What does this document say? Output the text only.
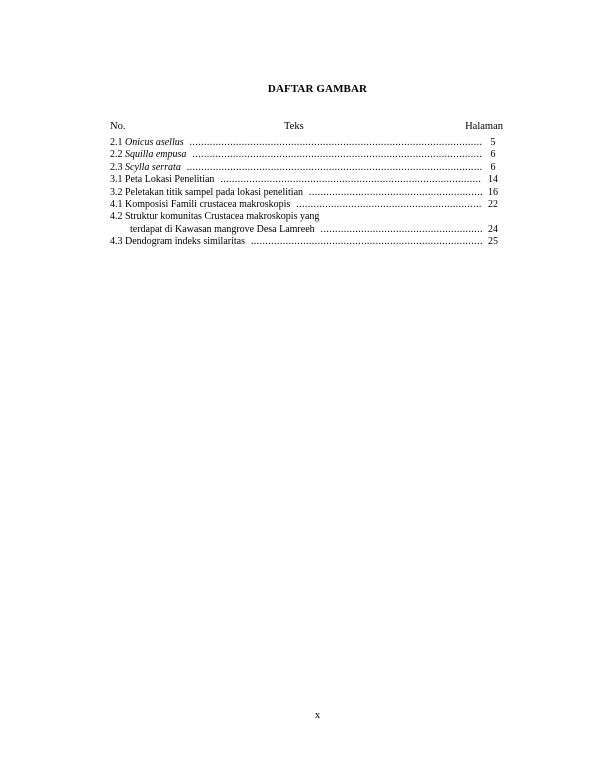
DAFTAR GAMBAR
No.	Teks	Halaman
2.1 Onicus asellus .....	5
2.2 Squilla empusa .....	6
2.3 Scylla serrata .....	6
3.1 Peta Lokasi Penelitian .....	14
3.2 Peletakan titik sampel pada lokasi penelitian .....	16
4.1 Komposisi Famili crustacea makroskopis .....	22
4.2 Struktur komunitas Crustacea makroskopis yang
terdapat di Kawasan mangrove Desa Lamreeh .....	24
4.3 Dendogram indeks similaritas .....	25
x
